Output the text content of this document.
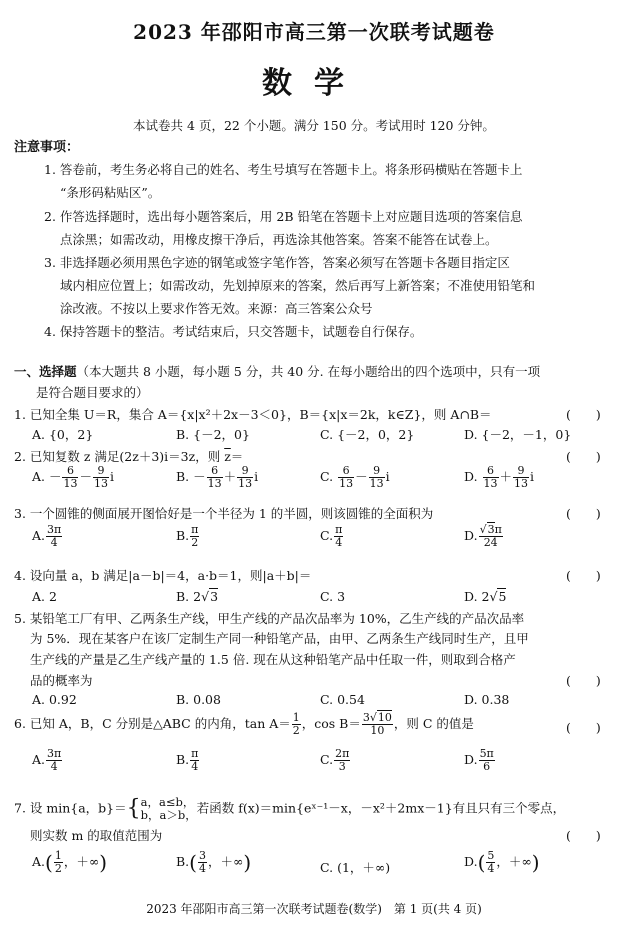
2023 年邵阳市高三第一次联考试题卷
数学
本试卷共 4 页，22 个小题。满分 150 分。考试用时 120 分钟。
注意事项：
1. 答卷前，考生务必将自己的姓名、考生号填写在答题卡上。将条形码横贴在答题卡上
“条形码粘贴区”。
2. 作答选择题时，选出每小题答案后，用 2B 铅笔在答题卡上对应题目选项的答案信息
点涂黑；如需改动，用橡皮擦干净后，再选涂其他答案。答案不能答在试卷上。
3. 非选择题必须用黑色字迹的钢笔或签字笔作答，答案必须写在答题卡各题目指定区
域内相应位置上；如需改动，先划掉原来的答案，然后再写上新答案；不准使用铅笔和
涂改液。不按以上要求作答无效。来源：高三答案公众号
4. 保持答题卡的整洁。考试结束后，只交答题卡，试题卷自行保存。
一、选择题（本大题共 8 小题，每小题 5 分，共 40 分. 在每小题给出的四个选项中，只有一项
是符合题目要求的）
1. 已知全集 U＝R，集合 A＝{x|x²＋2x－3＜0}，B＝{x|x＝2k，k∈Z}，则 A∩B＝	(　　)
A. {0，2}	B. {－2，0}	C. {－2，0，2}	D. {－2，－1，0}
2. 已知复数 z 满足(2z＋3)i＝3z，则 $\overline{z}=$	(　　)
A. － $\frac{6}{13} - \frac{9}{13}$ i	B. － $\frac{6}{13} + \frac{9}{13}$ i	C. $\frac{6}{13} - \frac{9}{13}$ i	D. $\frac{6}{13} + \frac{9}{13}$ i
3. 一个圆锥的侧面展开图恰好是一个半径为 1 的半圆，则该圆锥的全面积为	(　　)
A. $\frac{3\pi}{4}$	B. $\frac{\pi}{2}$	C. $\frac{\pi}{4}$	D. $\frac{√3\pi}{24}$
4. 设向量 a，b 满足|a－b|＝4，a·b＝1，则|a＋b|＝	(　　)
A. 2	B. 2√3	C. 3	D. 2√5
5. 某铅笔工厂有甲、乙两条生产线，甲生产线的产品次品率为 10%，乙生产线的产品次品率
为 5%．现在某客户在该厂定制生产同一种铅笔产品，由甲、乙两条生产线同时生产，且甲
生产线的产量是乙生产线产量的 1.5 倍. 现在从这种铅笔产品中任取一件，则取到合格产
品的概率为	(　　)
A. 0.92	B. 0.08	C. 0.54	D. 0.38
6. 已知 A，B，C 分别是△ABC 的内角，$\tan A= \frac{1}{2}$ ，$\cos B= \frac{3√10}{10}$ ，则 C 的值是	(　　)
A. $\frac{3\pi}{4}$	B. $\frac{\pi}{4}$	C. $\frac{2\pi}{3}$	D. $\frac{5\pi}{6}$
7. 设 min{a，b}＝{ a，a≤b，
b，a＞b， 若函数 f(x)＝min{eˣ⁻¹－x，－x²＋2mx－1}有且只有三个零点，
则实数 m 的取值范围为	(　　)
$A.( \frac{1}{2}$ ，＋∞)	$B.( \frac{3}{4}$ ，＋∞)	C. (1，＋∞)	$D.( \frac{5}{4}$ ，＋∞)
2023 年邵阳市高三第一次联考试题卷(数学)　第 1 页(共 4 页)
